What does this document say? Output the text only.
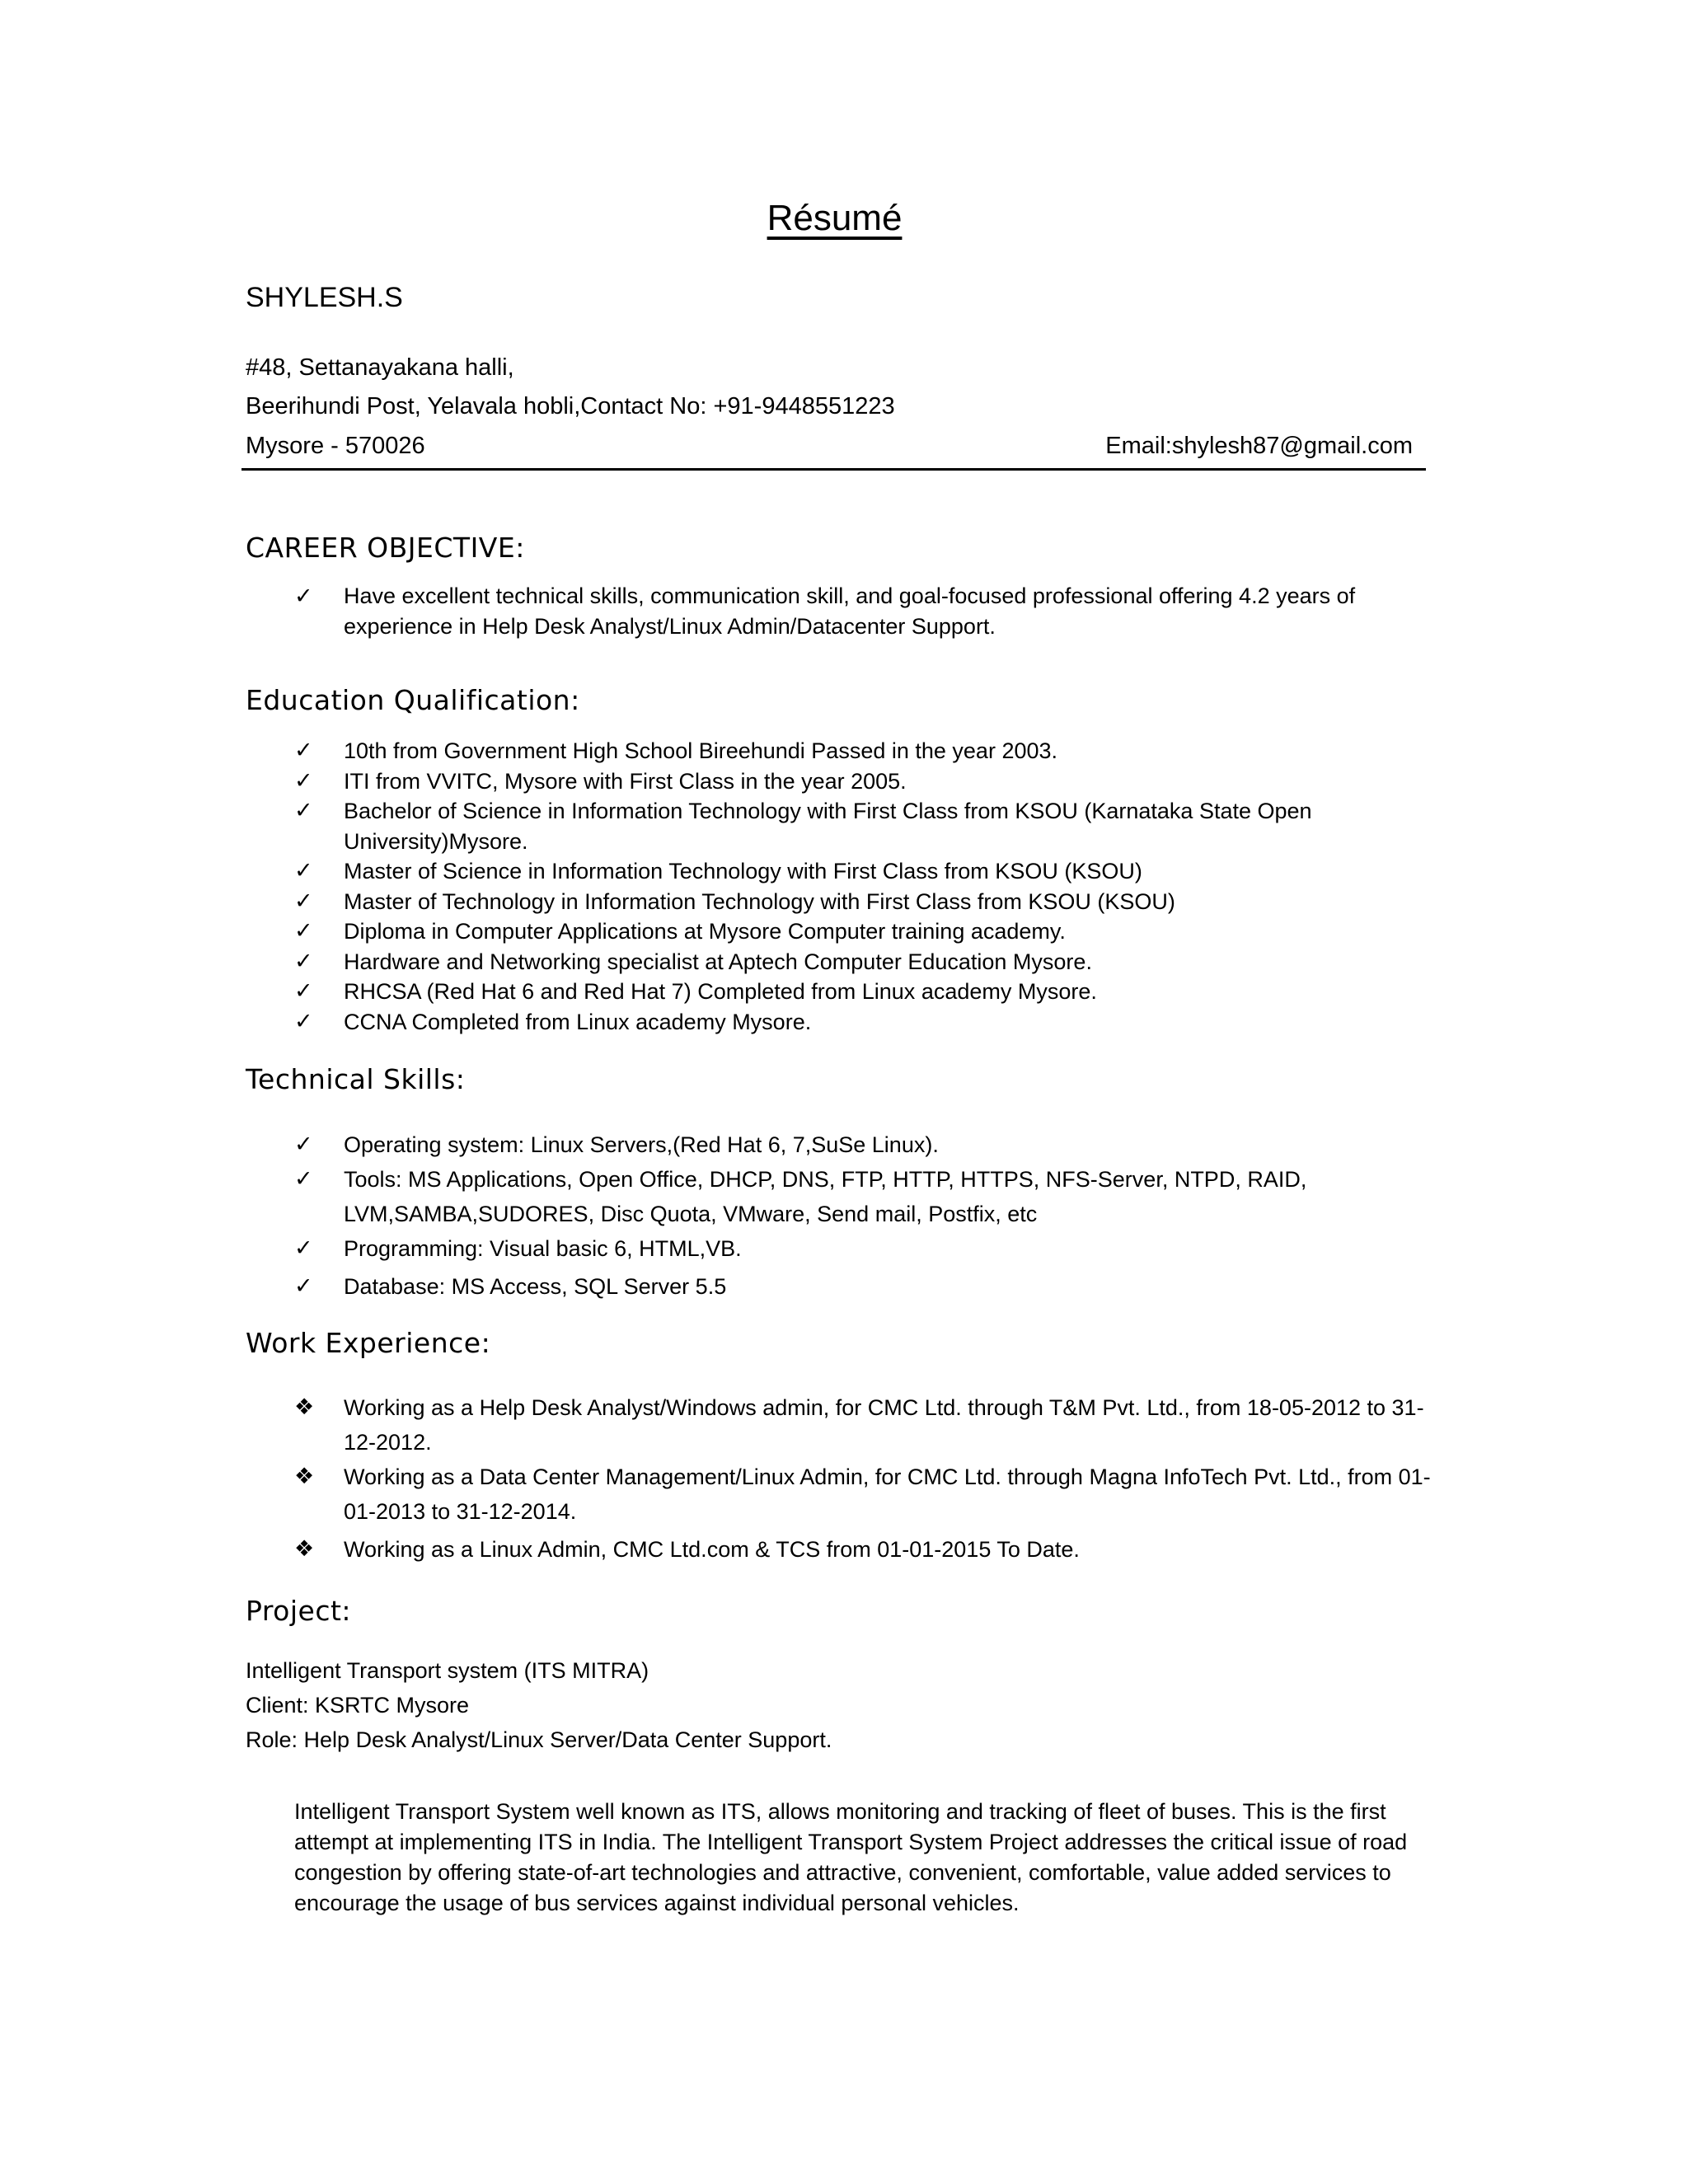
Résumé
SHYLESH.S
#48, Settanayakana halli,
Beerihundi Post, Yelavala hobli,Contact No: +91-9448551223
Mysore - 570026	Email:shylesh87@gmail.com
CAREER OBJECTIVE:
✓ Have excellent technical skills, communication skill, and goal-focused professional offering 4.2 years of experience in Help Desk Analyst/Linux Admin/Datacenter Support.
Education Qualification:
✓ 10th from Government High School Bireehundi Passed in the year 2003.
✓ ITI from VVITC, Mysore with First Class in the year 2005.
✓ Bachelor of Science in Information Technology with First Class from KSOU (Karnataka State Open University)Mysore.
✓ Master of Science in Information Technology with First Class from KSOU (KSOU)
✓ Master of Technology in Information Technology with First Class from KSOU (KSOU)
✓ Diploma in Computer Applications at Mysore Computer training academy.
✓ Hardware and Networking specialist at Aptech Computer Education Mysore.
✓ RHCSA (Red Hat 6 and Red Hat 7) Completed from Linux academy Mysore.
✓ CCNA Completed from Linux academy Mysore.
Technical Skills:
✓ Operating system: Linux Servers,(Red Hat 6, 7,SuSe Linux).
✓ Tools: MS Applications, Open Office, DHCP, DNS, FTP, HTTP, HTTPS, NFS-Server, NTPD, RAID, LVM,SAMBA,SUDORES, Disc Quota, VMware, Send mail, Postfix, etc
✓ Programming: Visual basic 6, HTML,VB.
✓ Database: MS Access, SQL Server 5.5
Work Experience:
❖ Working as a Help Desk Analyst/Windows admin, for CMC Ltd. through T&M Pvt. Ltd., from 18-05-2012 to 31-12-2012.
❖ Working as a Data Center Management/Linux Admin, for CMC Ltd. through Magna InfoTech Pvt. Ltd., from 01-01-2013 to 31-12-2014.
❖ Working as a Linux Admin, CMC Ltd.com & TCS from 01-01-2015 To Date.
Project:
Intelligent Transport system (ITS MITRA)
Client: KSRTC Mysore
Role: Help Desk Analyst/Linux Server/Data Center Support.
Intelligent Transport System well known as ITS, allows monitoring and tracking of fleet of buses. This is the first attempt at implementing ITS in India. The Intelligent Transport System Project addresses the critical issue of road congestion by offering state-of-art technologies and attractive, convenient, comfortable, value added services to encourage the usage of bus services against individual personal vehicles.
